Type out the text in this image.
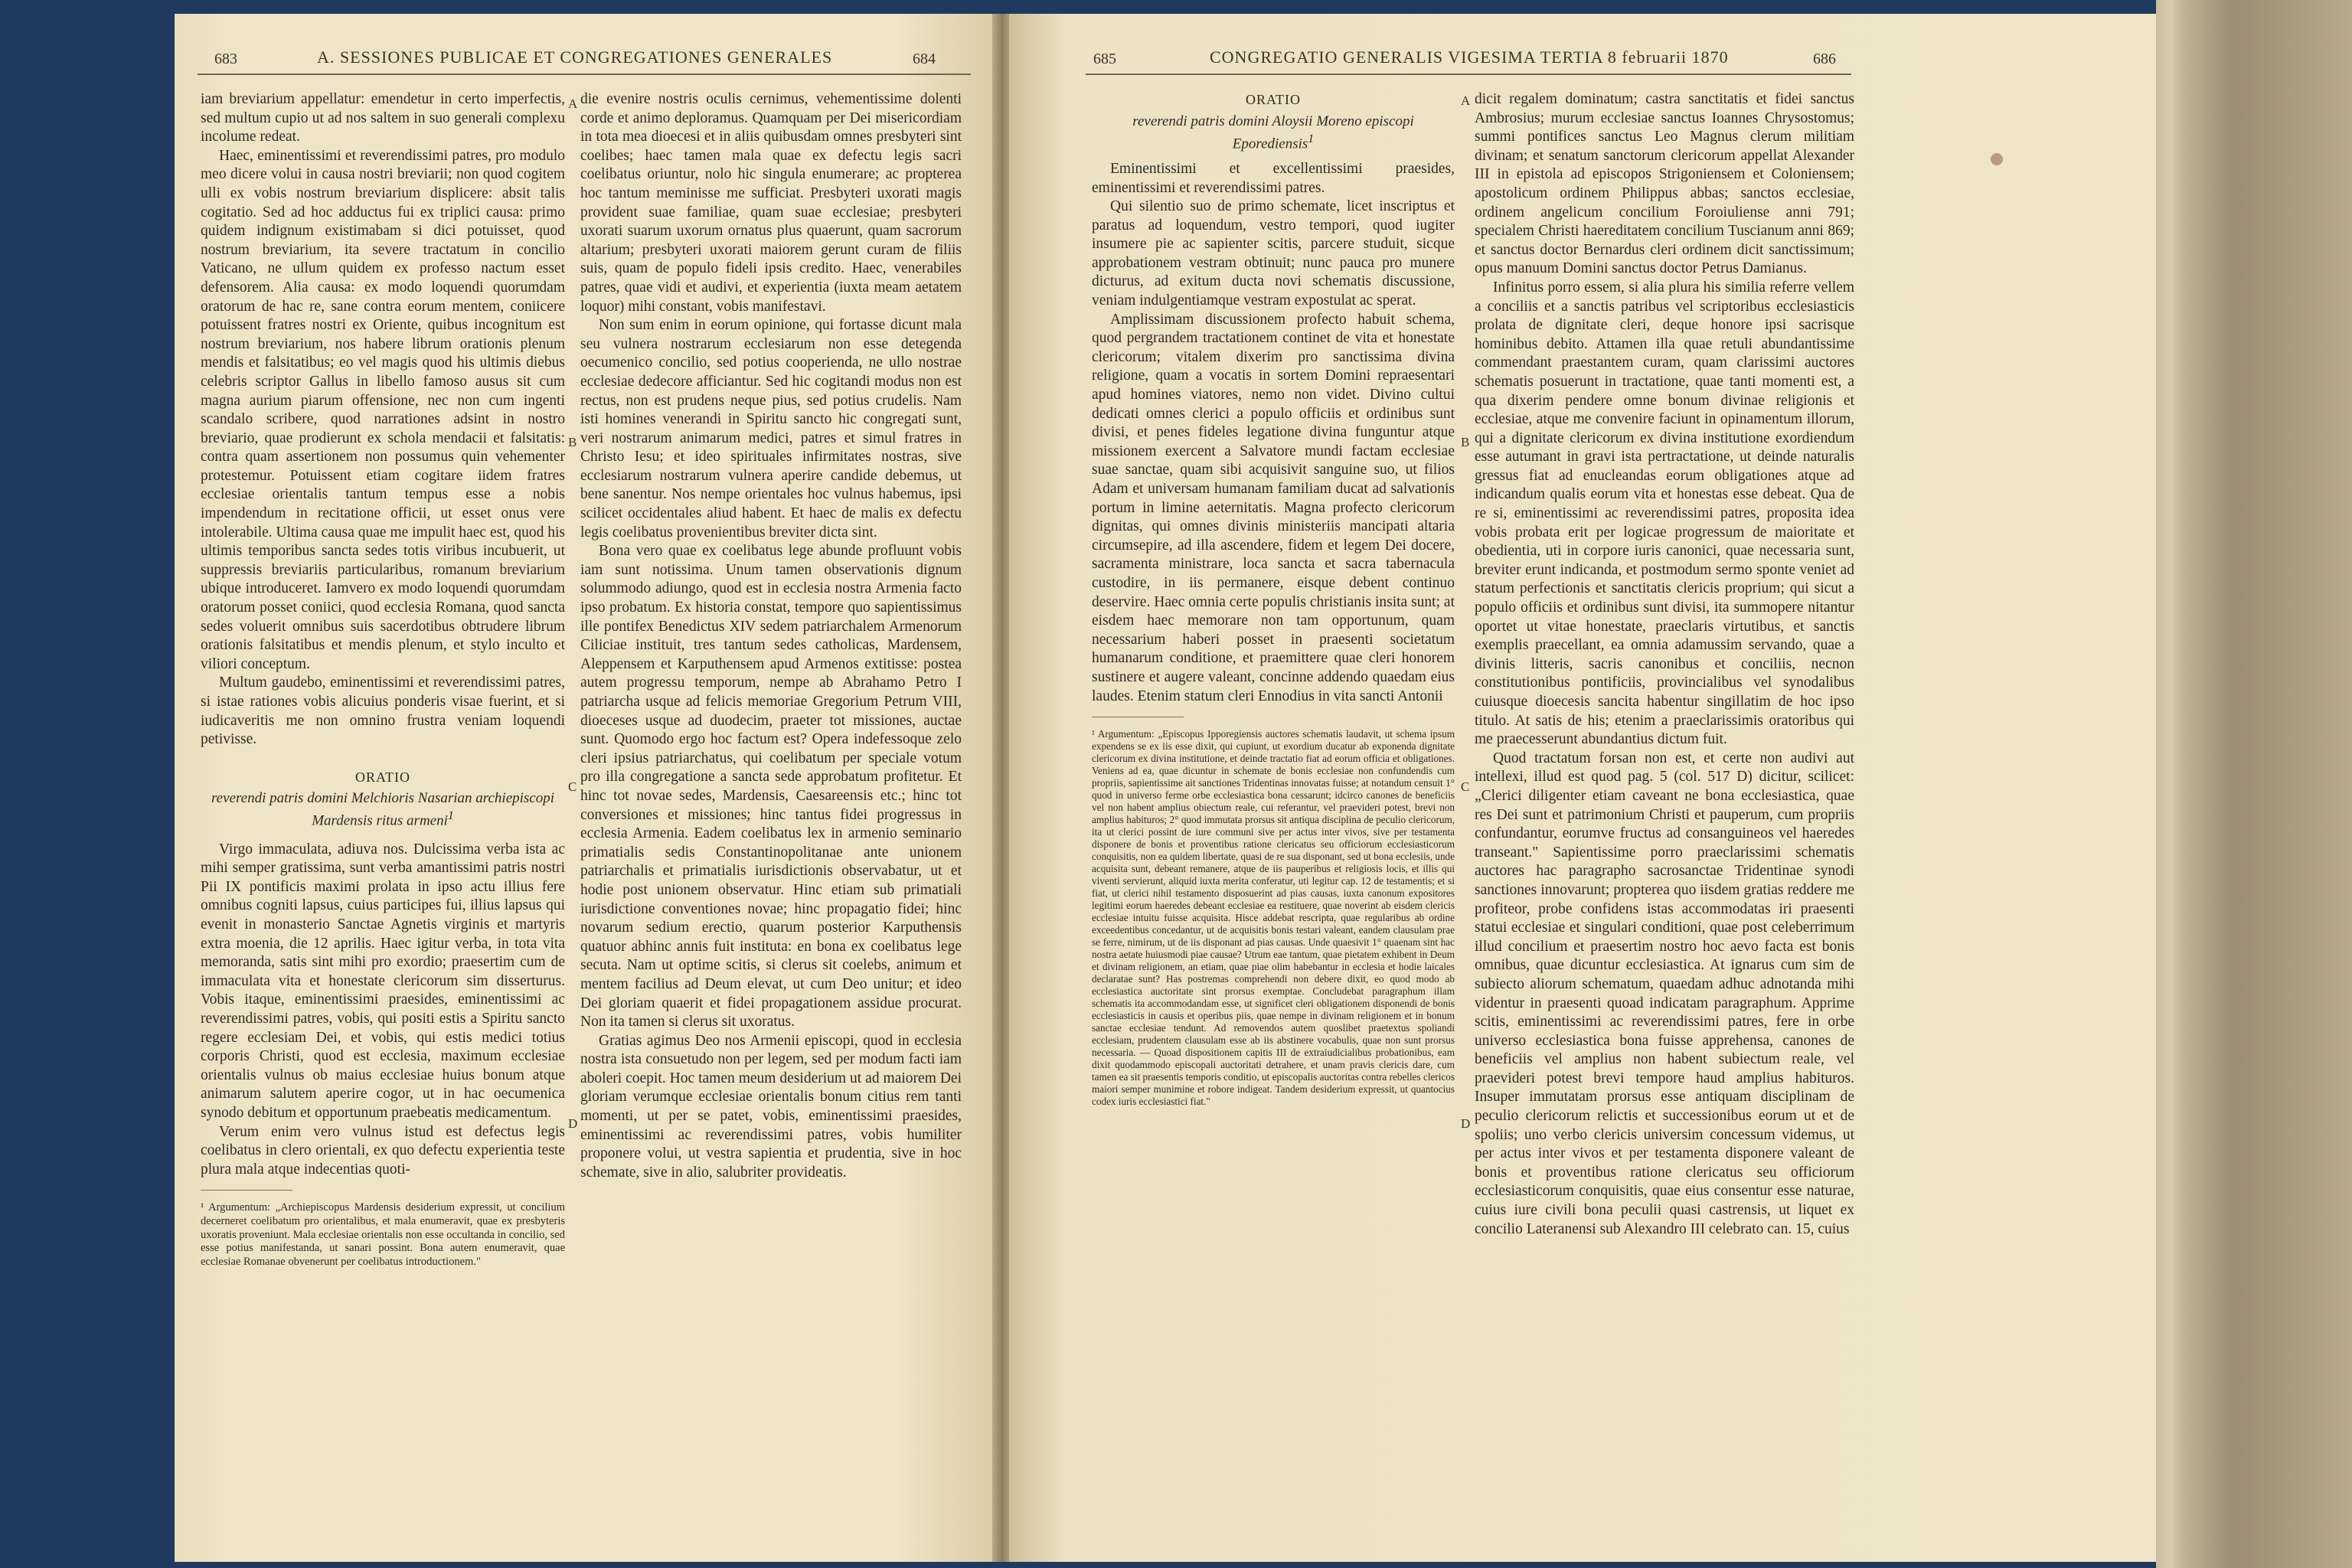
683	A. SESSIONES PUBLICAE ET CONGREGATIONES GENERALES	684

iam breviarium appellatur: emendetur in certo imperfectis, sed multum cupio ut ad nos saltem in suo generali complexu incolume redeat.

Haec, eminentissimi et reverendissimi patres, pro modulo meo dicere volui in causa nostri breviarii; non quod cogitem ulli ex vobis nostrum breviarium displicere: absit talis cogitatio. Sed ad hoc adductus fui ex triplici causa: primo quidem indignum existimabam si dici potuisset, quod nostrum breviarium, ita severe tractatum in concilio Vaticano, ne ullum quidem ex professo nactum esset defensorem. Alia causa: ex modo loquendi quorumdam oratorum de hac re, sane contra eorum mentem, coniicere potuissent fratres nostri ex Oriente, quibus incognitum est nostrum breviarium, nos habere librum orationis plenum mendis et falsitatibus; eo vel magis quod his ultimis diebus celebris scriptor Gallus in libello famoso ausus sit cum magna aurium piarum offensione, nec non cum ingenti scandalo scribere, quod narrationes adsint in nostro breviario, quae prodierunt ex schola mendacii et falsitatis: contra quam assertionem non possumus quin vehementer protestemur. Potuissent etiam cogitare iidem fratres ecclesiae orientalis tantum tempus esse a nobis impendendum in recitatione officii, ut esset onus vere intolerabile. Ultima causa quae me impulit haec est, quod his ultimis temporibus sancta sedes totis viribus incubuerit, ut suppressis breviariis particularibus, romanum breviarium ubique introduceret. Iamvero ex modo loquendi quorumdam oratorum posset coniici, quod ecclesia Romana, quod sancta sedes voluerit omnibus suis sacerdotibus obtrudere librum orationis falsitatibus et mendis plenum, et stylo inculto et viliori conceptum.

Multum gaudebo, eminentissimi et reverendissimi patres, si istae rationes vobis alicuius ponderis visae fuerint, et si iudicaveritis me non omnino frustra veniam loquendi petivisse.

ORATIO
reverendi patris domini Melchioris Nasarian archiepiscopi Mardensis ritus armeni$^1$

Virgo immaculata, adiuva nos. Dulcissima verba ista ac mihi semper gratissima, sunt verba amantissimi patris nostri Pii IX pontificis maximi prolata in ipso actu illius fere omnibus cogniti lapsus, cuius participes fui, illius lapsus qui evenit in monasterio Sanctae Agnetis virginis et martyris extra moenia, die 12 aprilis. Haec igitur verba, in tota vita memoranda, satis sint mihi pro exordio; praesertim cum de immaculata vita et honestate clericorum sim disserturus. Vobis itaque, eminentissimi praesides, eminentissimi ac reverendissimi patres, vobis, qui positi estis a Spiritu sancto regere ecclesiam Dei, et vobis, qui estis medici totius corporis Christi, quod est ecclesia, maximum ecclesiae orientalis vulnus ob maius ecclesiae huius bonum atque animarum salutem aperire cogor, ut in hac oecumenica synodo debitum et opportunum praebeatis medicamentum.

Verum enim vero vulnus istud est defectus legis coelibatus in clero orientali, ex quo defectu experientia teste plura mala atque indecentias quoti-

¹ Argumentum: „Archiepiscopus Mardensis desiderium expressit, ut concilium decerneret coelibatum pro orientalibus, et mala enumeravit, quae ex presbyteris uxoratis proveniunt. Mala ecclesiae orientalis non esse occultanda in concilio, sed esse potius manifestanda, ut sanari possint. Bona autem enumeravit, quae ecclesiae Romanae obvenerunt per coelibatus introductionem."
A
B
C
D

die evenire nostris oculis cernimus, vehementissime dolenti corde et animo deploramus. Quamquam per Dei misericordiam in tota mea dioecesi et in aliis quibusdam omnes presbyteri sint coelibes; haec tamen mala quae ex defectu legis sacri coelibatus oriuntur, nolo hic singula enumerare; ac propterea hoc tantum meminisse me sufficiat. Presbyteri uxorati magis provident suae familiae, quam suae ecclesiae; presbyteri uxorati suarum uxorum ornatus plus quaerunt, quam sacrorum altarium; presbyteri uxorati maiorem gerunt curam de filiis suis, quam de populo fideli ipsis credito. Haec, venerabiles patres, quae vidi et audivi, et experientia (iuxta meam aetatem loquor) mihi constant, vobis manifestavi.

Non sum enim in eorum opinione, qui fortasse dicunt mala seu vulnera nostrarum ecclesiarum non esse detegenda oecumenico concilio, sed potius cooperienda, ne ullo nostrae ecclesiae dedecore afficiantur. Sed hic cogitandi modus non est rectus, non est prudens neque pius, sed potius crudelis. Nam isti homines venerandi in Spiritu sancto hic congregati sunt, veri nostrarum animarum medici, patres et simul fratres in Christo Iesu; et ideo spirituales infirmitates nostras, sive ecclesiarum nostrarum vulnera aperire candide debemus, ut bene sanentur. Nos nempe orientales hoc vulnus habemus, ipsi scilicet occidentales aliud habent. Et haec de malis ex defectu legis coelibatus provenientibus breviter dicta sint.

Bona vero quae ex coelibatus lege abunde profluunt vobis iam sunt notissima. Unum tamen observationis dignum solummodo adiungo, quod est in ecclesia nostra Armenia facto ipso probatum. Ex historia constat, tempore quo sapientissimus ille pontifex Benedictus XIV sedem patriarchalem Armenorum Ciliciae instituit, tres tantum sedes catholicas, Mardensem, Aleppensem et Karputhensem apud Armenos extitisse: postea autem progressu temporum, nempe ab Abrahamo Petro I patriarcha usque ad felicis memoriae Gregorium Petrum VIII, dioeceses usque ad duodecim, praeter tot missiones, auctae sunt. Quomodo ergo hoc factum est? Opera indefessoque zelo cleri ipsius patriarchatus, qui coelibatum per speciale votum pro illa congregatione a sancta sede approbatum profitetur. Et hinc tot novae sedes, Mardensis, Caesareensis etc.; hinc tot conversiones et missiones; hinc tantus fidei progressus in ecclesia Armenia. Eadem coelibatus lex in armenio seminario primatialis sedis Constantinopolitanae ante unionem patriarchalis et primatialis iurisdictionis observabatur, ut et hodie post unionem observatur. Hinc etiam sub primatiali iurisdictione conventiones novae; hinc propagatio fidei; hinc novarum sedium erectio, quarum posterior Karputhensis quatuor abhinc annis fuit instituta: en bona ex coelibatus lege secuta. Nam ut optime scitis, si clerus sit coelebs, animum et mentem facilius ad Deum elevat, ut cum Deo unitur; et ideo Dei gloriam quaerit et fidei propagationem assidue procurat. Non ita tamen si clerus sit uxoratus.

Gratias agimus Deo nos Armenii episcopi, quod in ecclesia nostra ista consuetudo non per legem, sed per modum facti iam aboleri coepit. Hoc tamen meum desiderium ut ad maiorem Dei gloriam verumque ecclesiae orientalis bonum citius rem tanti momenti, ut per se patet, vobis, eminentissimi praesides, eminentissimi ac reverendissimi patres, vobis humiliter proponere volui, ut vestra sapientia et prudentia, sive in hoc schemate, sive in alio, salubriter provideatis.

685	CONGREGATIO GENERALIS VIGESIMA TERTIA 8 februarii 1870	686
ORATIO
reverendi patris domini Aloysii Moreno episcopi Eporediensis$^1$

Eminentissimi et excellentissimi praesides, eminentissimi et reverendissimi patres.

Qui silentio suo de primo schemate, licet inscriptus et paratus ad loquendum, vestro tempori, quod iugiter insumere pie ac sapienter scitis, parcere studuit, sicque approbationem vestram obtinuit; nunc pauca pro munere dicturus, ad exitum ducta novi schematis discussione, veniam indulgentiamque vestram expostulat ac sperat.

Amplissimam discussionem profecto habuit schema, quod pergrandem tractationem continet de vita et honestate clericorum; vitalem dixerim pro sanctissima divina religione, quam a vocatis in sortem Domini repraesentari apud homines viatores, nemo non videt. Divino cultui dedicati omnes clerici a populo officiis et ordinibus sunt divisi, et penes fideles legatione divina funguntur atque missionem exercent a Salvatore mundi factam ecclesiae suae sanctae, quam sibi acquisivit sanguine suo, ut filios Adam et universam humanam familiam ducat ad salvationis portum in limine aeternitatis. Magna profecto clericorum dignitas, qui omnes divinis ministeriis mancipati altaria circumsepire, ad illa ascendere, fidem et legem Dei docere, sacramenta ministrare, loca sancta et sacra tabernacula custodire, in iis permanere, eisque debent continuo deservire. Haec omnia certe populis christianis insita sunt; at eisdem haec memorare non tam opportunum, quam necessarium haberi posset in praesenti societatum humanarum conditione, et praemittere quae cleri honorem sustinere et augere valeant, concinne addendo quaedam eius laudes. Etenim statum cleri Ennodius in vita sancti Antonii

¹ Argumentum: „Episcopus Ipporegiensis auctores schematis laudavit, ut schema ipsum expendens se ex iis esse dixit, qui cupiunt, ut exordium ducatur ab exponenda dignitate clericorum ex divina institutione, et deinde tractatio fiat ad eorum officia et obligationes. Veniens ad ea, quae dicuntur in schemate de bonis ecclesiae non confundendis cum propriis, sapientissime ait sanctiones Tridentinas innovatas fuisse; at notandum censuit 1° quod in universo ferme orbe ecclesiastica bona cessarunt; idcirco canones de beneficiis vel non habent amplius obiectum reale, cui referantur, vel praevideri potest, brevi non amplius habituros; 2° quod immutata prorsus sit antiqua disciplina de peculio clericorum, ita ut clerici possint de iure communi sive per actus inter vivos, sive per testamenta disponere de bonis et proventibus ratione clericatus seu officiorum ecclesiasticorum conquisitis, non ea quidem libertate, quasi de re sua disponant, sed ut bona ecclesiis, unde acquisita sunt, debeant remanere, atque de iis pauperibus et religiosis locis, et illis qui viventi servierunt, aliquid iuxta merita conferatur, uti legitur cap. 12 de testamentis; et si fiat, ut clerici nihil testamento disposuerint ad pias causas, iuxta canonum expositores legitimi eorum haeredes debeant ecclesiae ea restituere, quae noverint ab eisdem clericis ecclesiae intuitu fuisse acquisita. Hisce addebat rescripta, quae regularibus ab ordine exceedentibus concedantur, ut de acquisitis bonis testari valeant, eandem clausulam prae se ferre, nimirum, ut de iis disponant ad pias causas. Unde quaesivit 1° quaenam sint hac nostra aetate huiusmodi piae causae? Utrum eae tantum, quae pietatem exhibent in Deum et divinam religionem, an etiam, quae piae olim habebantur in ecclesia et hodie laicales declaratae sunt? Has postremas comprehendi non debere dixit, eo quod modo ab ecclesiastica auctoritate sint prorsus exemptae. Concludebat paragraphum illam schematis ita accommodandam esse, ut significet cleri obligationem disponendi de bonis ecclesiasticis in causis et operibus piis, quae nempe in divinam religionem et in bonum sanctae ecclesiae tendunt. Ad removendos autem quoslibet praetextus spoliandi ecclesiam, prudentem clausulam esse ab iis abstinere vocabulis, quae non sunt prorsus necessaria. — Quoad dispositionem capitis III de extraiudicialibus probationibus, eam dixit quodammodo episcopali auctoritati detrahere, et unam pravis clericis dare, cum tamen ea sit praesentis temporis conditio, ut episcopalis auctoritas contra rebelles clericos maiori semper munimine et robore indigeat. Tandem desiderium expressit, ut quantocius codex iuris ecclesiastici fiat."
A
B
C
D

dicit regalem dominatum; castra sanctitatis et fidei sanctus Ambrosius; murum ecclesiae sanctus Ioannes Chrysostomus; summi pontifices sanctus Leo Magnus clerum militiam divinam; et senatum sanctorum clericorum appellat Alexander III in epistola ad episcopos Strigoniensem et Coloniensem; apostolicum ordinem Philippus abbas; sanctos ecclesiae, ordinem angelicum concilium Foroiuliense anni 791; specialem Christi haereditatem concilium Tuscianum anni 869; et sanctus doctor Bernardus cleri ordinem dicit sanctissimum; opus manuum Domini sanctus doctor Petrus Damianus.

Infinitus porro essem, si alia plura his similia referre vellem a conciliis et a sanctis patribus vel scriptoribus ecclesiasticis prolata de dignitate cleri, deque honore ipsi sacrisque hominibus debito. Attamen illa quae retuli abundantissime commendant praestantem curam, quam clarissimi auctores schematis posuerunt in tractatione, quae tanti momenti est, a qua dixerim pendere omne bonum divinae religionis et ecclesiae, atque me convenire faciunt in opinamentum illorum, qui a dignitate clericorum ex divina institutione exordiendum esse autumant in gravi ista pertractatione, ut deinde naturalis gressus fiat ad enucleandas eorum obligationes atque ad indicandum qualis eorum vita et honestas esse debeat. Qua de re si, eminentissimi ac reverendissimi patres, proposita idea vobis probata erit per logicae progressum de maioritate et obedientia, uti in corpore iuris canonici, quae necessaria sunt, breviter erunt indicanda, et postmodum sermo sponte veniet ad statum perfectionis et sanctitatis clericis proprium; qui sicut a populo officiis et ordinibus sunt divisi, ita summopere nitantur oportet ut vitae honestate, praeclaris virtutibus, et sanctis exemplis praecellant, ea omnia adamussim servando, quae a divinis litteris, sacris canonibus et conciliis, necnon constitutionibus pontificiis, provincialibus vel synodalibus cuiusque dioecesis sancita habentur singillatim de hoc ipso titulo. At satis de his; etenim a praeclarissimis oratoribus qui me praecesserunt abundantius dictum fuit.

Quod tractatum forsan non est, et certe non audivi aut intellexi, illud est quod pag. 5 (col. 517 D) dicitur, scilicet: „Clerici diligenter etiam caveant ne bona ecclesiastica, quae res Dei sunt et patrimonium Christi et pauperum, cum propriis confundantur, eorumve fructus ad consanguineos vel haeredes transeant." Sapientissime porro praeclarissimi schematis auctores hac paragrapho sacrosanctae Tridentinae synodi sanctiones innovarunt; propterea quo iisdem gratias reddere me profiteor, probe confidens istas accommodatas iri praesenti statui ecclesiae et singulari conditioni, quae post celeberrimum illud concilium et praesertim nostro hoc aevo facta est bonis omnibus, quae dicuntur ecclesiastica. At ignarus cum sim de subiecto aliorum schematum, quaedam adhuc adnotanda mihi videntur in praesenti quoad indicatam paragraphum. Apprime scitis, eminentissimi ac reverendissimi patres, fere in orbe universo ecclesiastica bona fuisse apprehensa, canones de beneficiis vel amplius non habent subiectum reale, vel praevideri potest brevi tempore haud amplius habituros. Insuper immutatam prorsus esse antiquam disciplinam de peculio clericorum relictis et successionibus eorum ut et de spoliis; uno verbo clericis universim concessum videmus, ut per actus inter vivos et per testamenta disponere valeant de bonis et proventibus ratione clericatus seu officiorum ecclesiasticorum conquisitis, quae eius consentur esse naturae, cuius iure civili bona peculii quasi castrensis, ut liquet ex concilio Lateranensi sub Alexandro III celebrato can. 15, cuius
